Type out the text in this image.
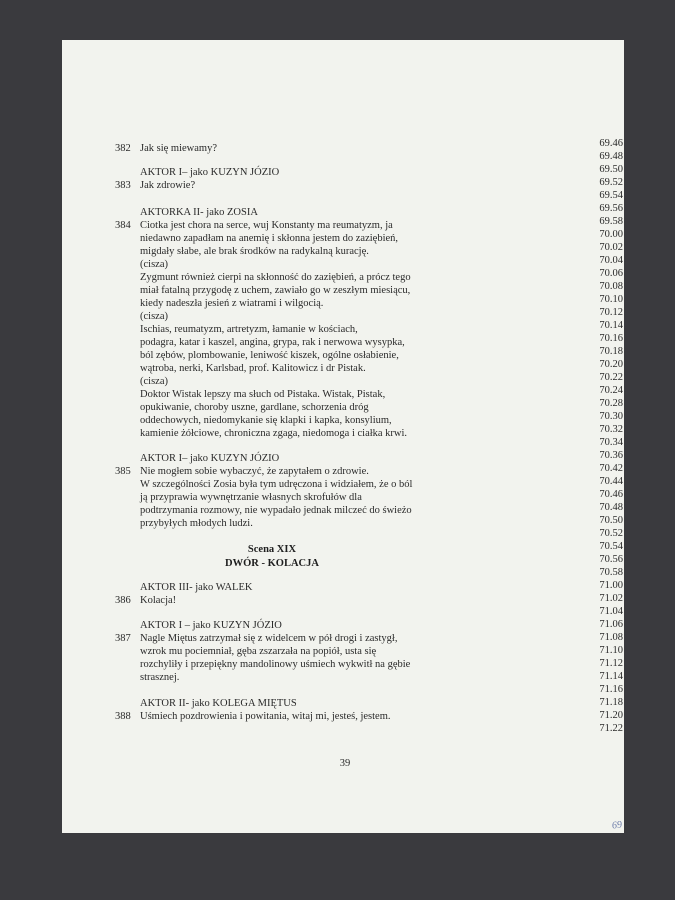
382 Jak się miewamy?
AKTOR I– jako KUZYN JÓZIO
383 Jak zdrowie?
AKTORKA II- jako ZOSIA
384 Ciotka jest chora na serce, wuj Konstanty ma reumatyzm, ja
niedawno zapadłam na anemię i skłonna jestem do zaziębień,
migdały słabe, ale brak środków na radykalną kurację.
(cisza)
Zygmunt również cierpi na skłonność do zaziębień, a prócz tego
miał fatalną przygodę z uchem, zawiało go w zeszłym miesiącu,
kiedy nadeszła jesień z wiatrami i wilgocią.
(cisza)
Ischias, reumatyzm, artretyzm, łamanie w kościach,
podagra, katar i kaszel, angina, grypa, rak i nerwowa wysypka,
ból zębów, plombowanie, leniwość kiszek, ogólne osłabienie,
wątroba, nerki, Karlsbad, prof. Kalitowicz i dr Pistak.
(cisza)
Doktor Wistak lepszy ma słuch od Pistaka. Wistak, Pistak,
opukiwanie, choroby uszne, gardlane, schorzenia dróg
oddechowych, niedomykanie się klapki i kapka, konsylium,
kamienie żółciowe, chroniczna zgaga, niedomoga i ciałka krwi.
AKTOR I– jako KUZYN JÓZIO
385 Nie mogłem sobie wybaczyć, że zapytałem o zdrowie.
W szczególności Zosia była tym udręczona i widziałem, że o ból
ją przyprawia wywnętrzanie własnych skrofułów dla
podtrzymania rozmowy, nie wypadało jednak milczeć do świeżo
przybyłych młodych ludzi.
AKTOR III- jako WALEK
386 Kolacja!
AKTOR I – jako KUZYN JÓZIO
387 Nagle Miętus zatrzymał się z widelcem w pół drogi i zastygł,
wzrok mu pociemniał, gęba zszarzała na popiół, usta się
rozchyliły i przepiękny mandolinowy uśmiech wykwitł na gębie
strasznej.
AKTOR II- jako KOLEGA MIĘTUS
388 Uśmiech pozdrowienia i powitania, witaj mi, jesteś, jestem.
69.46
69.48
69.50
69.52
69.54
69.56
69.58
70.00
70.02
70.04
70.06
70.08
70.10
70.12
70.14
70.16
70.18
70.20
70.22
70.24
70.28
70.30
70.32
70.34
70.36
70.42
70.44
70.46
70.48
70.50
70.52
70.54
70.56
70.58
71.00
71.02
71.04
71.06
71.08
71.10
71.12
71.14
71.16
71.18
71.20
71.22
Scena XIX
DWÓR - KOLACJA
39
69
